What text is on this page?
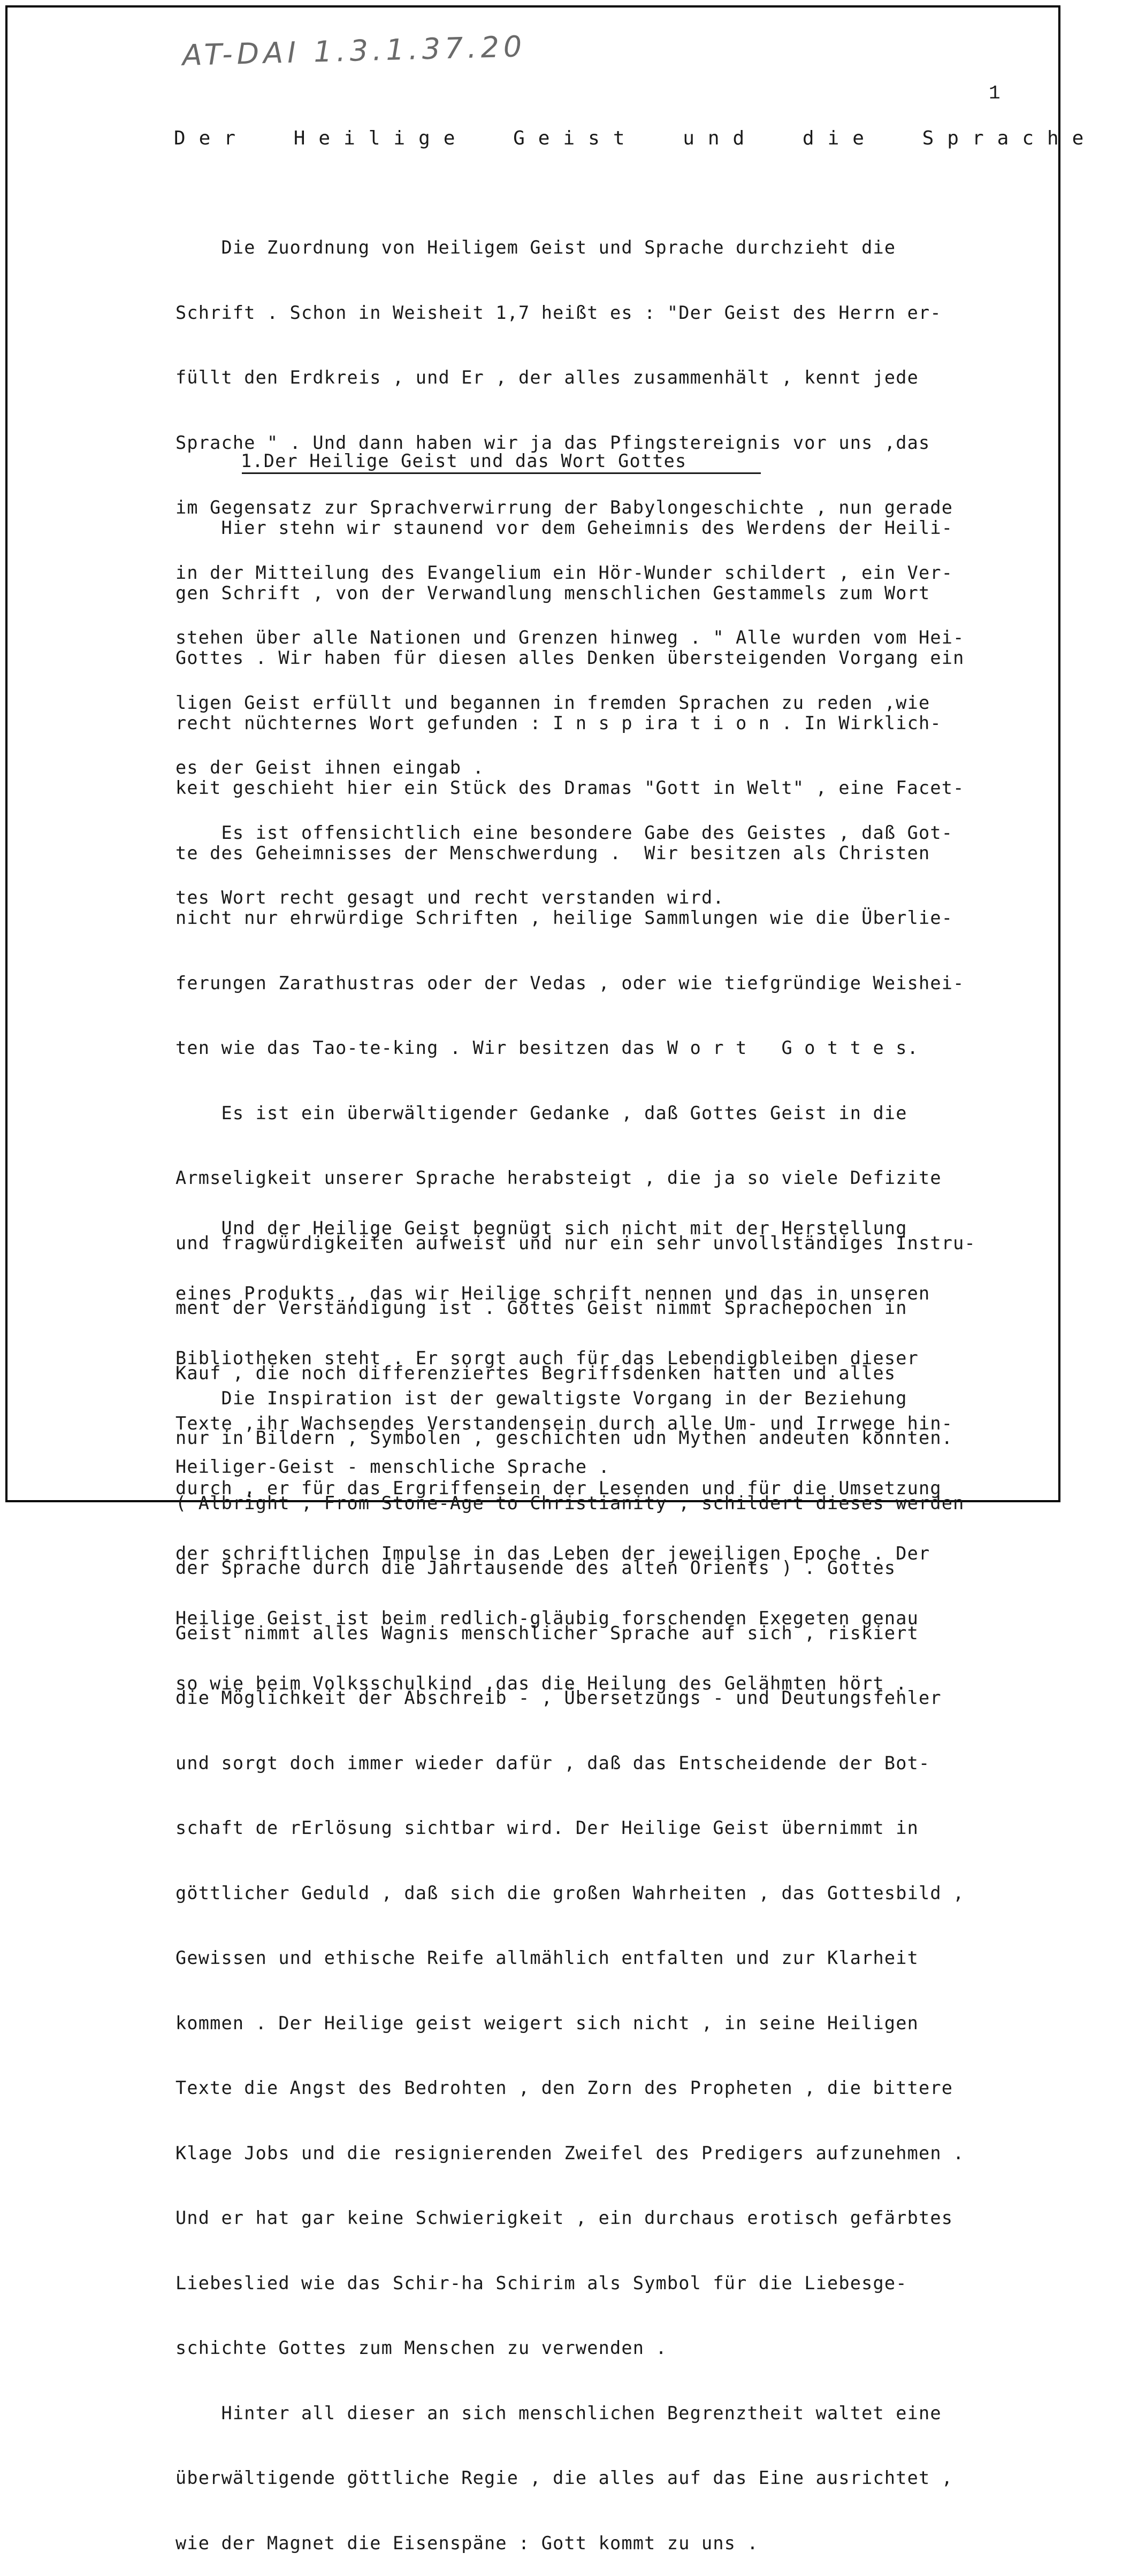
AT-DAI 1.3.1.37.20
1
Der Heilige Geist und die Sprache

Die Zuordnung von Heiligem Geist und Sprache durchzieht die

Schrift . Schon in Weisheit 1,7 heißt es : "Der Geist des Herrn er-

füllt den Erdkreis , und Er , der alles zusammenhält , kennt jede

Sprache " . Und dann haben wir ja das Pfingstereignis vor uns ,das

im Gegensatz zur Sprachverwirrung der Babylongeschichte , nun gerade

in der Mitteilung des Evangelium ein Hör-Wunder schildert , ein Ver-

stehen über alle Nationen und Grenzen hinweg . " Alle wurden vom Hei-

ligen Geist erfüllt und begannen in fremden Sprachen zu reden ,wie

es der Geist ihnen eingab .

Es ist offensichtlich eine besondere Gabe des Geistes , daß Got-

tes Wort recht gesagt und recht verstanden wird.

1.Der Heilige Geist und das Wort Gottes

Hier stehn wir staunend vor dem Geheimnis des Werdens der Heili-

gen Schrift , von der Verwandlung menschlichen Gestammels zum Wort

Gottes . Wir haben für diesen alles Denken übersteigenden Vorgang ein

recht nüchternes Wort gefunden : I n s p ira t i o n . In Wirklich-

keit geschieht hier ein Stück des Dramas "Gott in Welt" , eine Facet-

te des Geheimnisses der Menschwerdung .  Wir besitzen als Christen

nicht nur ehrwürdige Schriften , heilige Sammlungen wie die Überlie-

ferungen Zarathustras oder der Vedas , oder wie tiefgründige Weishei-

ten wie das Tao-te-king . Wir besitzen das W o r t   G o t t e s.

Es ist ein überwältigender Gedanke , daß Gottes Geist in die

Armseligkeit unserer Sprache herabsteigt , die ja so viele Defizite

und fragwürdigkeiten aufweist und nur ein sehr unvollständiges Instru-

ment der Verständigung ist . Gottes Geist nimmt Sprachepochen in

Kauf , die noch differenziertes Begriffsdenken hatten und alles

nur in Bildern , Symbolen , geschichten udn Mythen andeuten konnten.

( Albright , From Stone-Age to Christianity , schildert dieses werden

der Sprache durch die Jahrtausende des alten Orients ) . Gottes

Geist nimmt alles Wagnis menschlicher Sprache auf sich , riskiert

die Möglichkeit der Abschreib - , Übersetzungs - und Deutungsfehler

und sorgt doch immer wieder dafür , daß das Entscheidende der Bot-

schaft de rErlösung sichtbar wird. Der Heilige Geist übernimmt in

göttlicher Geduld , daß sich die großen Wahrheiten , das Gottesbild ,

Gewissen und ethische Reife allmählich entfalten und zur Klarheit

kommen . Der Heilige geist weigert sich nicht , in seine Heiligen

Texte die Angst des Bedrohten , den Zorn des Propheten , die bittere

Klage Jobs und die resignierenden Zweifel des Predigers aufzunehmen .

Und er hat gar keine Schwierigkeit , ein durchaus erotisch gefärbtes

Liebeslied wie das Schir-ha Schirim als Symbol für die Liebesge-

schichte Gottes zum Menschen zu verwenden .

Hinter all dieser an sich menschlichen Begrenztheit waltet eine

überwältigende göttliche Regie , die alles auf das Eine ausrichtet ,

wie der Magnet die Eisenspäne : Gott kommt zu uns .

Und der Heilige Geist begnügt sich nicht mit der Herstellung

eines Produkts , das wir Heilige schrift nennen und das in unseren

Bibliotheken steht . Er sorgt auch für das Lebendigbleiben dieser

Texte ,ihr Wachsendes Verstandensein durch alle Um- und Irrwege hin-

durch , er für das Ergriffensein der Lesenden und für die Umsetzung

der schriftlichen Impulse in das Leben der jeweiligen Epoche . Der

Heilige Geist ist beim redlich-gläubig forschenden Exegeten genau

so wie beim Volksschulkind ,das die Heilung des Gelähmten hört .

Die Inspiration ist der gewaltigste Vorgang in der Beziehung

Heiliger-Geist - menschliche Sprache .
